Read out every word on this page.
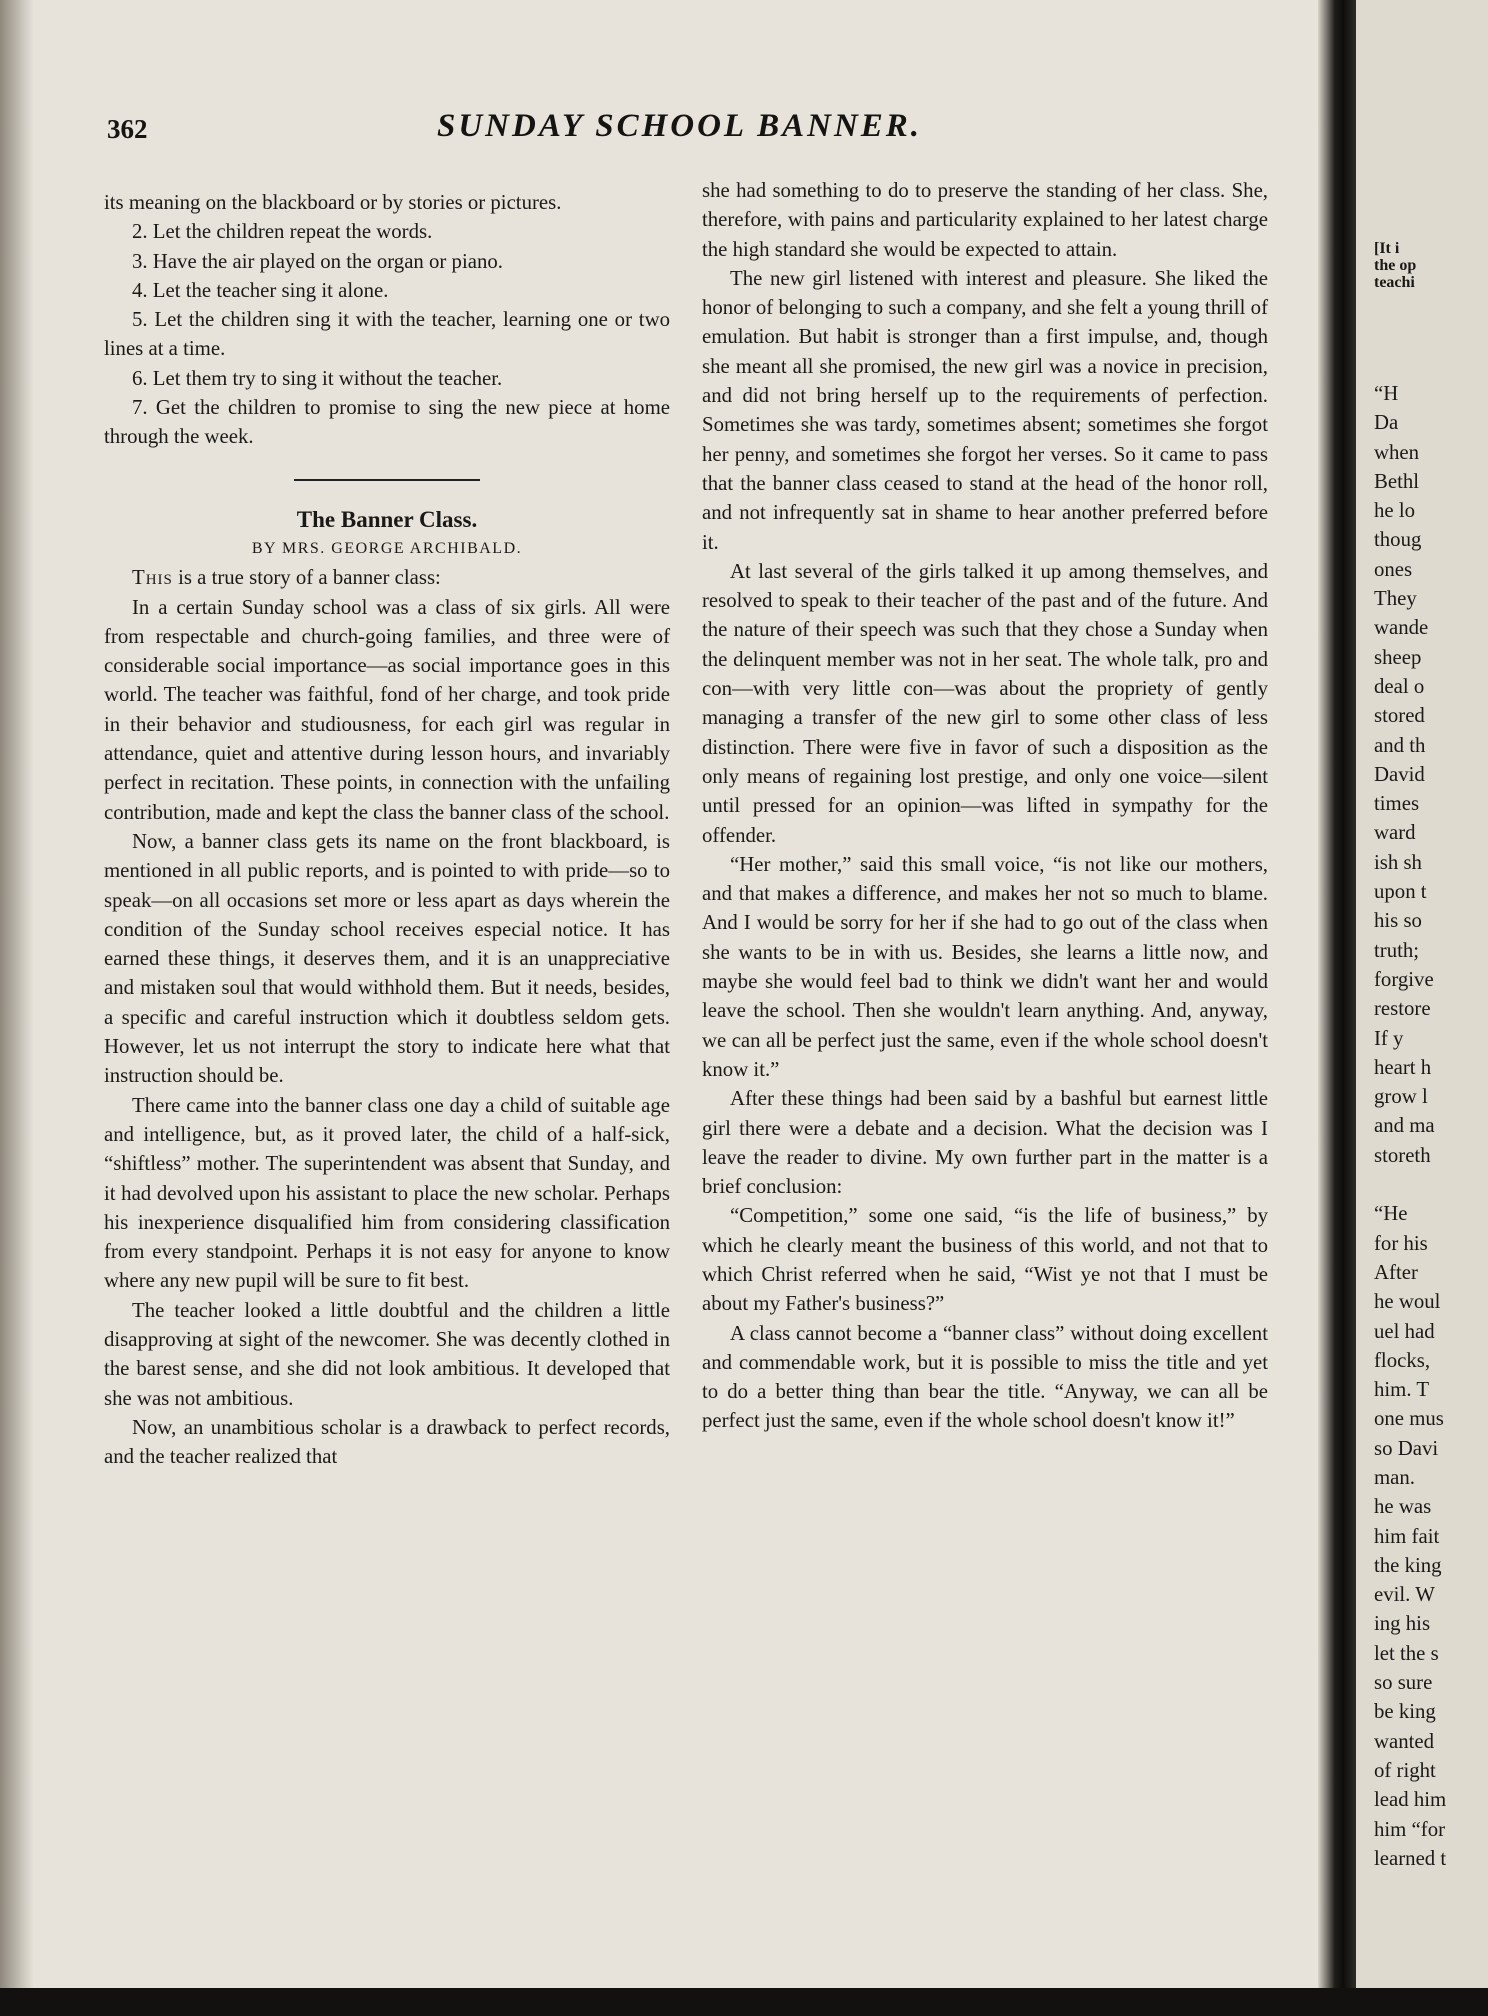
362	SUNDAY SCHOOL BANNER.

its meaning on the blackboard or by stories or pictures.

2. Let the children repeat the words.

3. Have the air played on the organ or piano.

4. Let the teacher sing it alone.

5. Let the children sing it with the teacher, learning one or two lines at a time.

6. Let them try to sing it without the teacher.

7. Get the children to promise to sing the new piece at home through the week.

The Banner Class.

BY MRS. GEORGE ARCHIBALD.

This is a true story of a banner class:

In a certain Sunday school was a class of six girls. All were from respectable and church-going families, and three were of considerable social importance—as social importance goes in this world. The teacher was faithful, fond of her charge, and took pride in their behavior and studiousness, for each girl was regular in attendance, quiet and attentive during lesson hours, and invariably perfect in recitation. These points, in connection with the unfailing contribution, made and kept the class the banner class of the school.

Now, a banner class gets its name on the front blackboard, is mentioned in all public reports, and is pointed to with pride—so to speak—on all occasions set more or less apart as days wherein the condition of the Sunday school receives especial notice. It has earned these things, it deserves them, and it is an unappreciative and mistaken soul that would withhold them. But it needs, besides, a specific and careful instruction which it doubtless seldom gets. However, let us not interrupt the story to indicate here what that instruction should be.

There came into the banner class one day a child of suitable age and intelligence, but, as it proved later, the child of a half-sick, “shiftless” mother. The superintendent was absent that Sunday, and it had devolved upon his assistant to place the new scholar. Perhaps his inexperience disqualified him from considering classification from every standpoint. Perhaps it is not easy for anyone to know where any new pupil will be sure to fit best.

The teacher looked a little doubtful and the children a little disapproving at sight of the newcomer. She was decently clothed in the barest sense, and she did not look ambitious. It developed that she was not ambitious.

Now, an unambitious scholar is a drawback to perfect records, and the teacher realized that

she had something to do to preserve the standing of her class. She, therefore, with pains and particularity explained to her latest charge the high standard she would be expected to attain.

The new girl listened with interest and pleasure. She liked the honor of belonging to such a company, and she felt a young thrill of emulation. But habit is stronger than a first impulse, and, though she meant all she promised, the new girl was a novice in precision, and did not bring herself up to the requirements of perfection. Sometimes she was tardy, sometimes absent; sometimes she forgot her penny, and sometimes she forgot her verses. So it came to pass that the banner class ceased to stand at the head of the honor roll, and not infrequently sat in shame to hear another preferred before it.

At last several of the girls talked it up among themselves, and resolved to speak to their teacher of the past and of the future. And the nature of their speech was such that they chose a Sunday when the delinquent member was not in her seat. The whole talk, pro and con—with very little con—was about the propriety of gently managing a transfer of the new girl to some other class of less distinction. There were five in favor of such a disposition as the only means of regaining lost prestige, and only one voice—silent until pressed for an opinion—was lifted in sympathy for the offender.

“Her mother,” said this small voice, “is not like our mothers, and that makes a difference, and makes her not so much to blame. And I would be sorry for her if she had to go out of the class when she wants to be in with us. Besides, she learns a little now, and maybe she would feel bad to think we didn't want her and would leave the school. Then she wouldn't learn anything. And, anyway, we can all be perfect just the same, even if the whole school doesn't know it.”

After these things had been said by a bashful but earnest little girl there were a debate and a decision. What the decision was I leave the reader to divine. My own further part in the matter is a brief conclusion:

“Competition,” some one said, “is the life of business,” by which he clearly meant the business of this world, and not that to which Christ referred when he said, “Wist ye not that I must be about my Father's business?”

A class cannot become a “banner class” without doing excellent and commendable work, but it is possible to miss the title and yet to do a better thing than bear the title. “Anyway, we can all be perfect just the same, even if the whole school doesn't know it!”

[It i
the op
teachi
“H
Da
when
Bethl
he lo
thoug
ones
They
wande
sheep
deal o
stored
and th
David
times
ward
ish sh
upon t
his so
truth;
forgive
restore
If y
heart h
grow l
and ma
storeth
“He
for his
After
he woul
uel had
flocks,
him. T
one mus
so Davi
man.
he was
him fait
the king
evil. W
ing his
let the s
so sure
be king
wanted
of right
lead him
him “for
learned t
